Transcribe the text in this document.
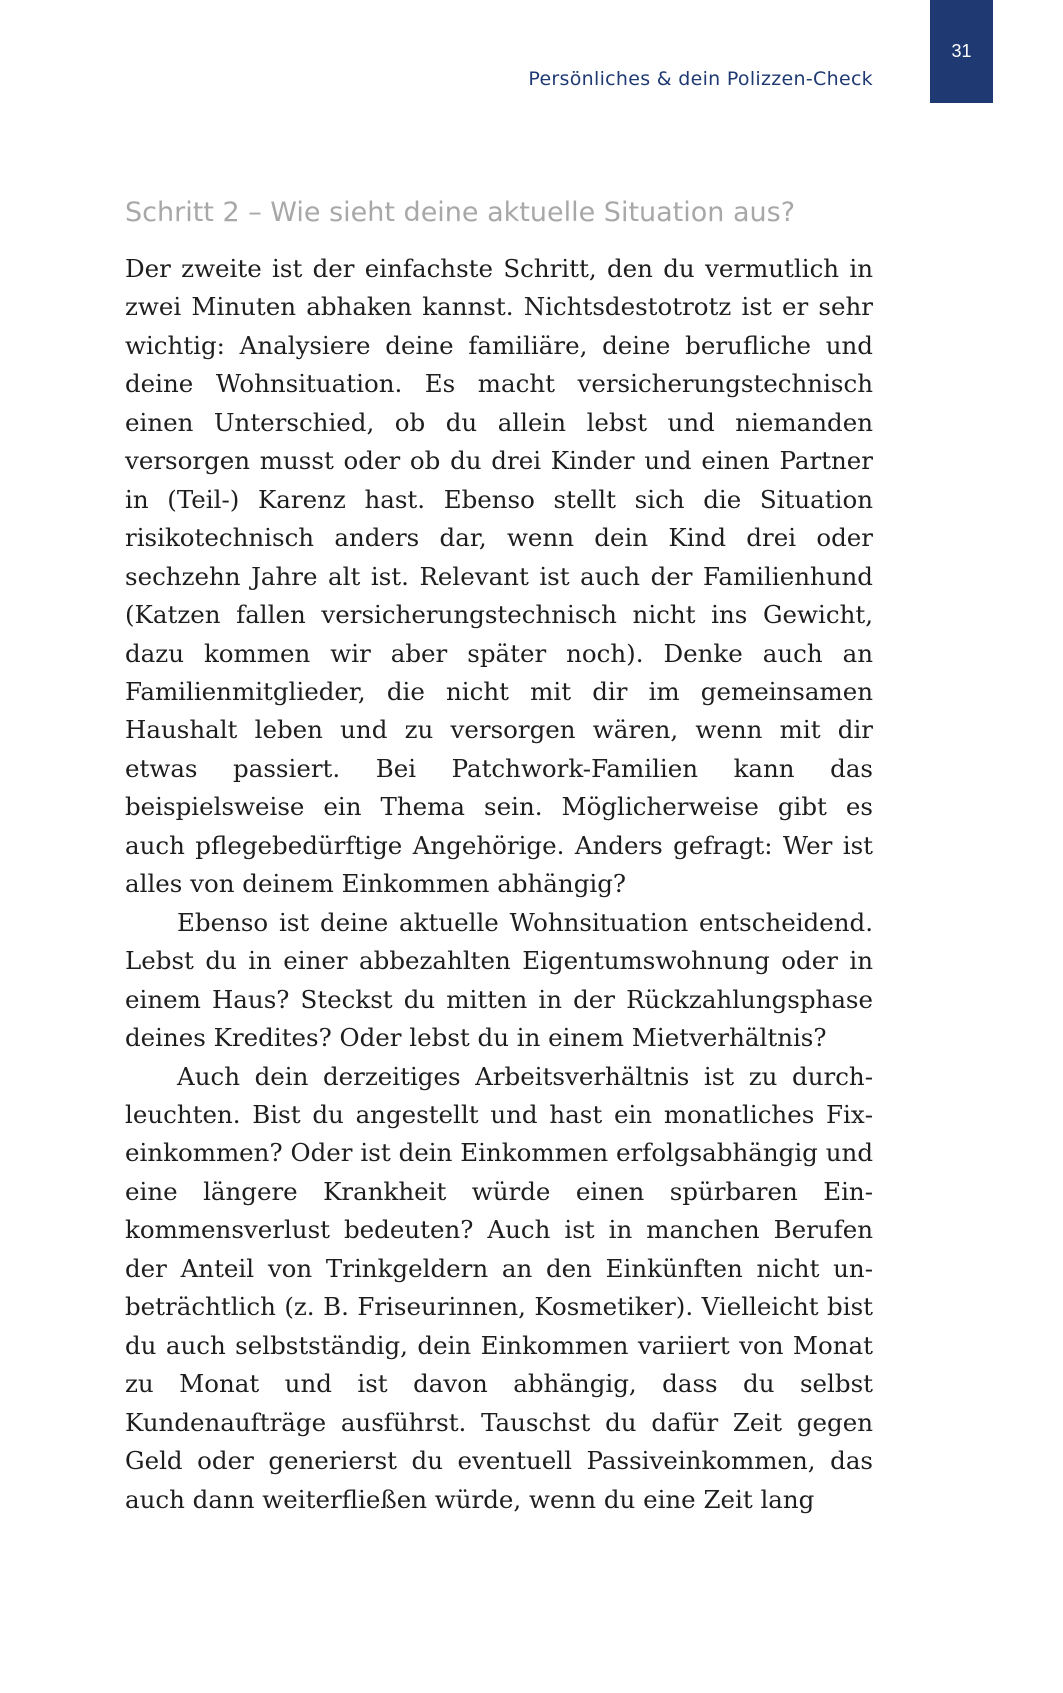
31
Persönliches & dein Polizzen-Check
Schritt 2 – Wie sieht deine aktuelle Situation aus?

Der zweite ist der einfachste Schritt, den du vermutlich in zwei Minuten abhaken kannst. Nichtsdestotrotz ist er sehr wichtig: Analysiere deine familiäre, deine berufliche und deine Wohnsituation. Es macht versicherungstechnisch einen Unterschied, ob du allein lebst und niemanden versorgen musst oder ob du drei Kinder und einen Partner in (Teil-) Karenz hast. Ebenso stellt sich die Situation risikotechnisch anders dar, wenn dein Kind drei oder sechzehn Jahre alt ist. Relevant ist auch der Familienhund (Katzen fallen versicherungstechnisch nicht ins Gewicht, dazu kommen wir aber später noch). Denke auch an Familienmitglieder, die nicht mit dir im gemeinsamen Haushalt leben und zu versorgen wären, wenn mit dir etwas passiert. Bei Patchwork-Familien kann das beispielsweise ein Thema sein. Möglicherweise gibt es auch pflegebedürftige Angehörige. Anders gefragt: Wer ist alles von deinem Einkommen abhängig?

Ebenso ist deine aktuelle Wohnsituation entscheidend. Lebst du in einer abbezahlten Eigentumswohnung oder in einem Haus? Steckst du mitten in der Rückzahlungsphase deines Kredites? Oder lebst du in einem Mietverhältnis?

Auch dein derzeitiges Arbeitsverhältnis ist zu durchleuchten. Bist du angestellt und hast ein monatliches Fixeinkommen? Oder ist dein Einkommen erfolgsabhängig und eine längere Krankheit würde einen spürbaren Einkommensverlust bedeuten? Auch ist in manchen Berufen der Anteil von Trinkgeldern an den Einkünften nicht unbeträchtlich (z. B. Friseurinnen, Kosmetiker). Vielleicht bist du auch selbstständig, dein Einkommen variiert von Monat zu Monat und ist davon abhängig, dass du selbst Kundenaufträge ausführst. Tauschst du dafür Zeit gegen Geld oder generierst du eventuell Passiveinkommen, das auch dann weiterfließen würde, wenn du eine Zeit lang
